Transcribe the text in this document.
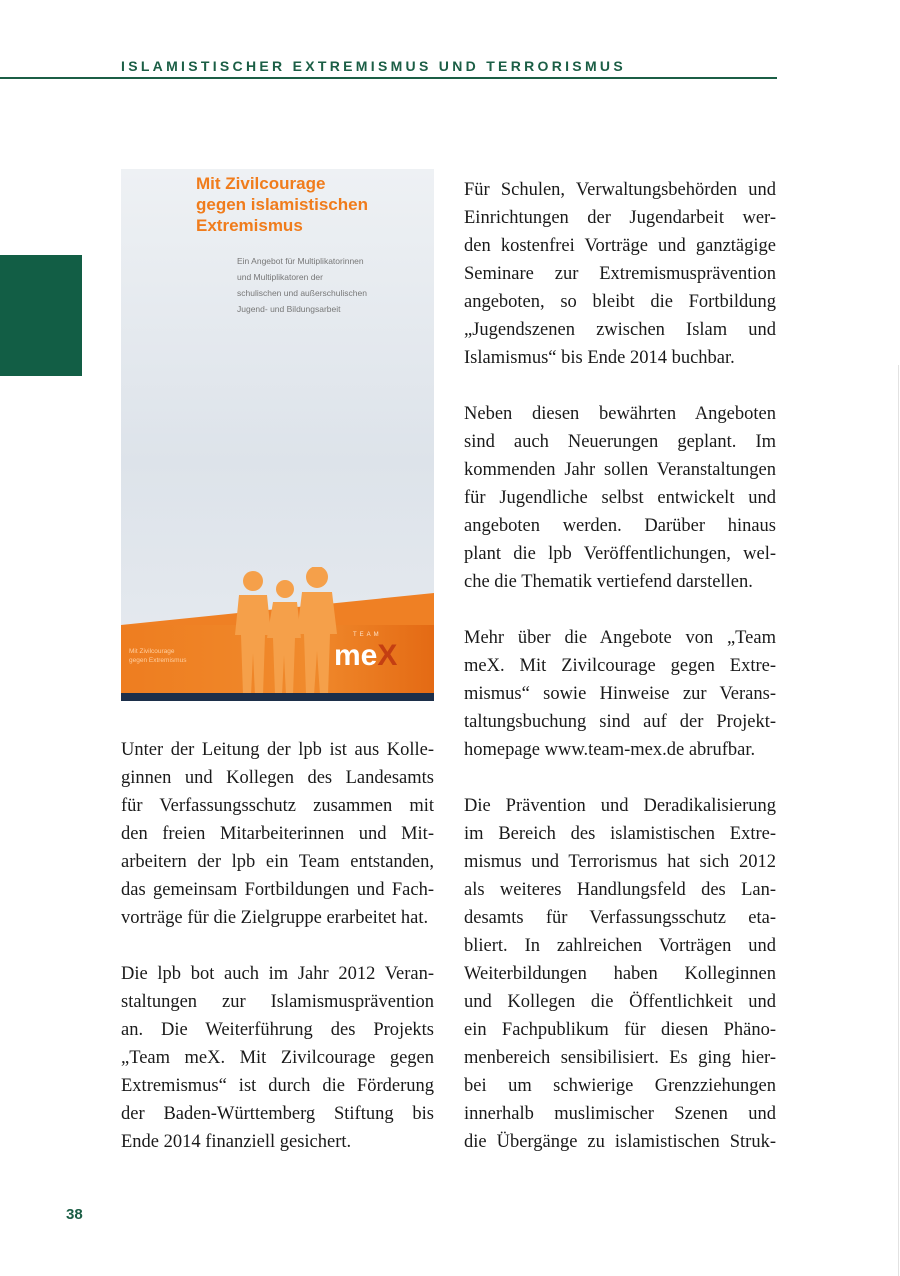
ISLAMISTISCHER EXTREMISMUS UND TERRORISMUS

Mit Zivilcourage
gegen islamistischen
Extremismus

Ein Angebot für Multiplikatorinnen
und Multiplikatoren der
schulischen und außerschulischen
Jugend- und Bildungsarbeit

Mit Zivilcourage
gegen Extremismus

TEAM
meX

Unter der Leitung der lpb ist aus Kolle-
ginnen und Kollegen des Landesamts
für Verfassungsschutz zusammen mit
den freien Mitarbeiterinnen und Mit-
arbeitern der lpb ein Team entstanden,
das gemeinsam Fortbildungen und Fach-
vorträge für die Zielgruppe erarbeitet hat.

Die lpb bot auch im Jahr 2012 Veran-
staltungen zur Islamismusprävention
an. Die Weiterführung des Projekts
„Team meX. Mit Zivilcourage gegen
Extremismus“ ist durch die Förderung
der Baden-Württemberg Stiftung bis
Ende 2014 finanziell gesichert.

Für Schulen, Verwaltungsbehörden und
Einrichtungen der Jugendarbeit wer-
den kostenfrei Vorträge und ganztägige
Seminare zur Extremismusprävention
angeboten, so bleibt die Fortbildung
„Jugendszenen zwischen Islam und
Islamismus“ bis Ende 2014 buchbar.

Neben diesen bewährten Angeboten
sind auch Neuerungen geplant. Im
kommenden Jahr sollen Veranstaltungen
für Jugendliche selbst entwickelt und
angeboten werden. Darüber hinaus
plant die lpb Veröffentlichungen, wel-
che die Thematik vertiefend darstellen.

Mehr über die Angebote von „Team
meX. Mit Zivilcourage gegen Extre-
mismus“ sowie Hinweise zur Verans-
taltungsbuchung sind auf der Projekt-
homepage www.team-mex.de abrufbar.

Die Prävention und Deradikalisierung
im Bereich des islamistischen Extre-
mismus und Terrorismus hat sich 2012
als weiteres Handlungsfeld des Lan-
desamts für Verfassungsschutz eta-
bliert. In zahlreichen Vorträgen und
Weiterbildungen haben Kolleginnen
und Kollegen die Öffentlichkeit und
ein Fachpublikum für diesen Phäno-
menbereich sensibilisiert. Es ging hier-
bei um schwierige Grenzziehungen
innerhalb muslimischer Szenen und
die Übergänge zu islamistischen Struk-

38
